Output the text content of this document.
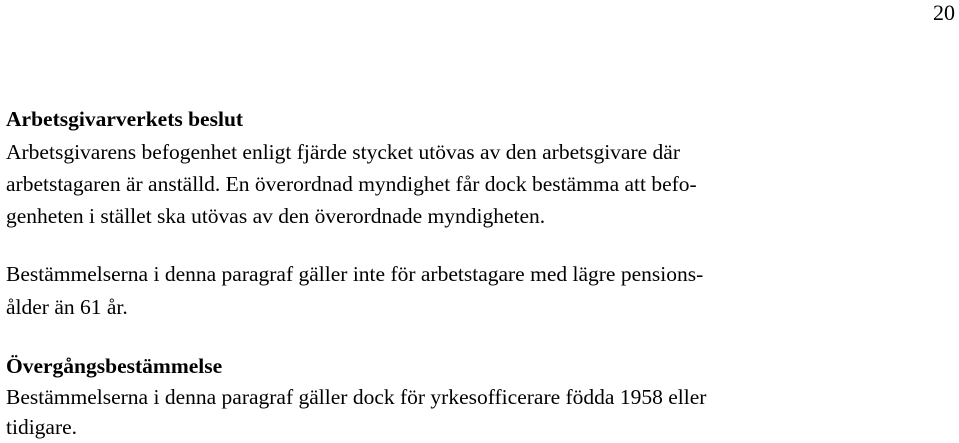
20
Arbetsgivarverkets beslut
Arbetsgivarens befogenhet enligt fjärde stycket utövas av den arbetsgivare där
arbetstagaren är anställd. En överordnad myndighet får dock bestämma att befo-
genheten i stället ska utövas av den överordnade myndigheten.
Bestämmelserna i denna paragraf gäller inte för arbetstagare med lägre pensions-
ålder än 61 år.
Övergångsbestämmelse
Bestämmelserna i denna paragraf gäller dock för yrkesofficerare födda 1958 eller
tidigare.
